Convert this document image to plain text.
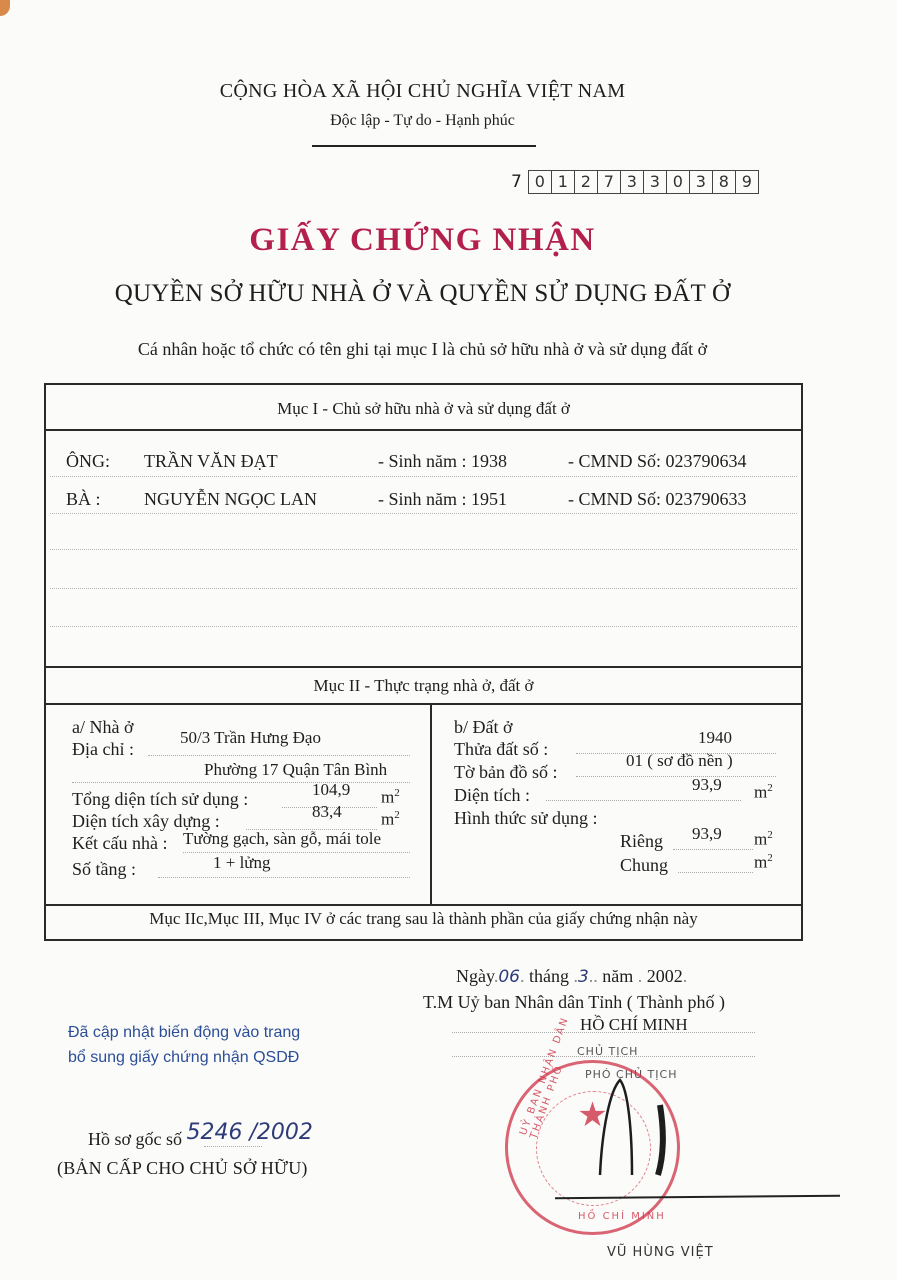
CỘNG HÒA XÃ HỘI CHỦ NGHĨA VIỆT NAM
Độc lập - Tự do - Hạnh phúc
7 0 1 2 7 3 3 0 3 8 9
GIẤY CHỨNG NHẬN
QUYỀN SỞ HỮU NHÀ Ở VÀ QUYỀN SỬ DỤNG ĐẤT Ở
Cá nhân hoặc tổ chức có tên ghi tại mục I là chủ sở hữu nhà ở và sử dụng đất ở
Mục I - Chủ sở hữu nhà ở và sử dụng đất ở
ÔNG: TRẦN VĂN ĐẠT	- Sinh năm : 1938	- CMND Số: 023790634
BÀ : NGUYỄN NGỌC LAN	- Sinh năm : 1951	- CMND Số: 023790633
Mục II - Thực trạng nhà ở, đất ở
a/ Nhà ở
Địa chỉ :
50/3 Trần Hưng Đạo
Phường 17 Quận Tân Bình
Tổng diện tích sử dụng :	104,9 $m^2$
Diện tích xây dựng :	83,4 $m^2$
Kết cấu nhà : Tường gạch, sàn gỗ, mái tole
Số tầng :	1 + lửng
b/ Đất ở
Thửa đất số :
1940
Tờ bản đồ số :
01 ( sơ đồ nền )
Diện tích :
93,9 $m^2$
Hình thức sử dụng :
Riêng 93,9 $m^2$
Chung	$m^2$
Mục IIc,Mục III, Mục IV ở các trang sau là thành phần của giấy chứng nhận này
Ngày.06. tháng .3.. năm . 2002.
T.M Uỷ ban Nhân dân Tỉnh ( Thành phố )
HỒ CHÍ MINH
CHỦ TỊCH
PHÓ CHỦ TỊCH
★
UỶ BAN NHÂN DÂN THÀNH PHỐ
HỒ CHÍ MINH
VŨ HÙNG VIỆT
Đã cập nhật biến động vào trang
bổ sung giấy chứng nhận QSDĐ
Hồ sơ gốc số 5246 /2002
(BẢN CẤP CHO CHỦ SỞ HỮU)
